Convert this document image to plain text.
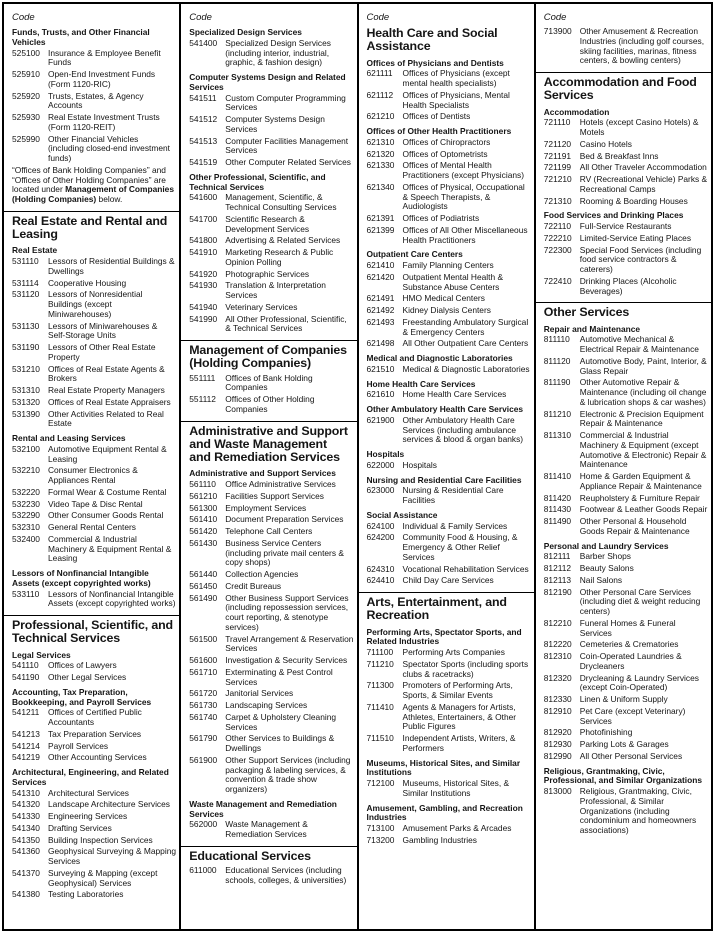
Code
Funds, Trusts, and Other Financial Vehicles
525100 Insurance & Employee Benefit Funds
525910 Open-End Investment Funds (Form 1120-RIC)
525920 Trusts, Estates, & Agency Accounts
525930 Real Estate Investment Trusts (Form 1120-REIT)
525990 Other Financial Vehicles (including closed-end investment funds)

“Offices of Bank Holding Companies” and “Offices of Other Holding Companies” are located under Management of Companies (Holding Companies) below.

Real Estate and Rental and Leasing
Real Estate
531110	Lessors of Residential Buildings & Dwellings
531114	Cooperative Housing
531120	Lessors of Nonresidential Buildings (except Miniwarehouses)
531130	Lessors of Miniwarehouses & Self-Storage Units
531190	Lessors of Other Real Estate Property
531210 Offices of Real Estate Agents & Brokers
531310 Real Estate Property Managers
531320 Offices of Real Estate Appraisers
531390 Other Activities Related to Real Estate
Rental and Leasing Services
532100 Automotive Equipment Rental & Leasing
532210 Consumer Electronics & Appliances Rental
532220 Formal Wear & Costume Rental
532230 Video Tape & Disc Rental
532290 Other Consumer Goods Rental
532310 General Rental Centers
532400 Commercial & Industrial Machinery & Equipment Rental & Leasing
Lessors of Nonfinancial Intangible Assets (except copyrighted works)
533110	Lessors of Nonfinancial Intangible Assets (except copyrighted works)
Professional, Scientific, and Technical Services
Legal Services
541110	Offices of Lawyers
541190	Other Legal Services
Accounting, Tax Preparation, Bookkeeping, and Payroll Services
541211	Offices of Certified Public Accountants
541213 Tax Preparation Services
541214 Payroll Services
541219 Other Accounting Services
Architectural, Engineering, and Related Services
541310 Architectural Services
541320 Landscape Architecture Services
541330 Engineering Services
541340 Drafting Services
541350 Building Inspection Services
541360 Geophysical Surveying & Mapping Services
541370 Surveying & Mapping (except Geophysical) Services
541380 Testing Laboratories
Code
Specialized Design Services
541400 Specialized Design Services (including interior, industrial, graphic, & fashion design)
Computer Systems Design and Related Services
541511	Custom Computer Programming Services
541512 Computer Systems Design Services
541513 Computer Facilities Management Services
541519 Other Computer Related Services
Other Professional, Scientific, and Technical Services
541600 Management, Scientific, & Technical Consulting Services
541700 Scientific Research & Development Services
541800 Advertising & Related Services
541910 Marketing Research & Public Opinion Polling
541920 Photographic Services
541930 Translation & Interpretation Services
541940 Veterinary Services
541990 All Other Professional, Scientific, & Technical Services
Management of Companies (Holding Companies)
551111	Offices of Bank Holding Companies
551112	Offices of Other Holding Companies
Administrative and Support and Waste Management and Remediation Services
Administrative and Support Services
561110	Office Administrative Services
561210 Facilities Support Services
561300 Employment Services
561410 Document Preparation Services
561420 Telephone Call Centers
561430 Business Service Centers (including private mail centers & copy shops)
561440 Collection Agencies
561450 Credit Bureaus
561490 Other Business Support Services (including repossession services, court reporting, & stenotype services)
561500 Travel Arrangement & Reservation Services
561600 Investigation & Security Services
561710 Exterminating & Pest Control Services
561720 Janitorial Services
561730 Landscaping Services
561740 Carpet & Upholstery Cleaning Services
561790 Other Services to Buildings & Dwellings
561900 Other Support Services (including packaging & labeling services, & convention & trade show organizers)
Waste Management and Remediation Services
562000 Waste Management & Remediation Services
Educational Services
611000	Educational Services (including schools, colleges, & universities)
Code
Health Care and Social Assistance
Offices of Physicians and Dentists
621111	Offices of Physicians (except mental health specialists)
621112	Offices of Physicians, Mental Health Specialists
621210 Offices of Dentists
Offices of Other Health Practitioners
621310 Offices of Chiropractors
621320 Offices of Optometrists
621330 Offices of Mental Health Practitioners (except Physicians)
621340 Offices of Physical, Occupational & Speech Therapists, & Audiologists
621391 Offices of Podiatrists
621399 Offices of All Other Miscellaneous Health Practitioners
Outpatient Care Centers
621410 Family Planning Centers
621420 Outpatient Mental Health & Substance Abuse Centers
621491 HMO Medical Centers
621492 Kidney Dialysis Centers
621493 Freestanding Ambulatory Surgical & Emergency Centers
621498 All Other Outpatient Care Centers
Medical and Diagnostic Laboratories
621510 Medical & Diagnostic Laboratories
Home Health Care Services
621610 Home Health Care Services
Other Ambulatory Health Care Services
621900 Other Ambulatory Health Care Services (including ambulance services & blood & organ banks)
Hospitals
622000 Hospitals
Nursing and Residential Care Facilities
623000 Nursing & Residential Care Facilities
Social Assistance
624100 Individual & Family Services
624200 Community Food & Housing, & Emergency & Other Relief Services
624310 Vocational Rehabilitation Services
624410 Child Day Care Services
Arts, Entertainment, and Recreation
Performing Arts, Spectator Sports, and Related Industries
711100	Performing Arts Companies
711210	Spectator Sports (including sports clubs & racetracks)
711300	Promoters of Performing Arts, Sports, & Similar Events
711410	Agents & Managers for Artists, Athletes, Entertainers, & Other Public Figures
711510	Independent Artists, Writers, & Performers
Museums, Historical Sites, and Similar Institutions
712100 Museums, Historical Sites, & Similar Institutions
Amusement, Gambling, and Recreation Industries
713100 Amusement Parks & Arcades
713200 Gambling Industries
Code
713900 Other Amusement & Recreation Industries (including golf courses, skiing facilities, marinas, fitness centers, & bowling centers)
Accommodation and Food Services
Accommodation
721110	Hotels (except Casino Hotels) & Motels
721120	Casino Hotels
721191	Bed & Breakfast Inns
721199	All Other Traveler Accommodation
721210 RV (Recreational Vehicle) Parks & Recreational Camps
721310 Rooming & Boarding Houses
Food Services and Drinking Places
722110	Full-Service Restaurants
722210 Limited-Service Eating Places
722300 Special Food Services (including food service contractors & caterers)
722410 Drinking Places (Alcoholic Beverages)
Other Services
Repair and Maintenance
811110	Automotive Mechanical & Electrical Repair & Maintenance
811120	Automotive Body, Paint, Interior, & Glass Repair
811190	Other Automotive Repair & Maintenance (including oil change & lubrication shops & car washes)
811210	Electronic & Precision Equipment Repair & Maintenance
811310	Commercial & Industrial Machinery & Equipment (except Automotive & Electronic) Repair & Maintenance
811410	Home & Garden Equipment & Appliance Repair & Maintenance
811420	Reupholstery & Furniture Repair
811430	Footwear & Leather Goods Repair
811490	Other Personal & Household Goods Repair & Maintenance
Personal and Laundry Services
812111	Barber Shops
812112	Beauty Salons
812113	Nail Salons
812190 Other Personal Care Services (including diet & weight reducing centers)
812210 Funeral Homes & Funeral Services
812220 Cemeteries & Crematories
812310 Coin-Operated Laundries & Drycleaners
812320 Drycleaning & Laundry Services (except Coin-Operated)
812330 Linen & Uniform Supply
812910 Pet Care (except Veterinary) Services
812920 Photofinishing
812930 Parking Lots & Garages
812990 All Other Personal Services
Religious, Grantmaking, Civic, Professional, and Similar Organizations
813000 Religious, Grantmaking, Civic, Professional, & Similar Organizations (including condominium and homeowners associations)
